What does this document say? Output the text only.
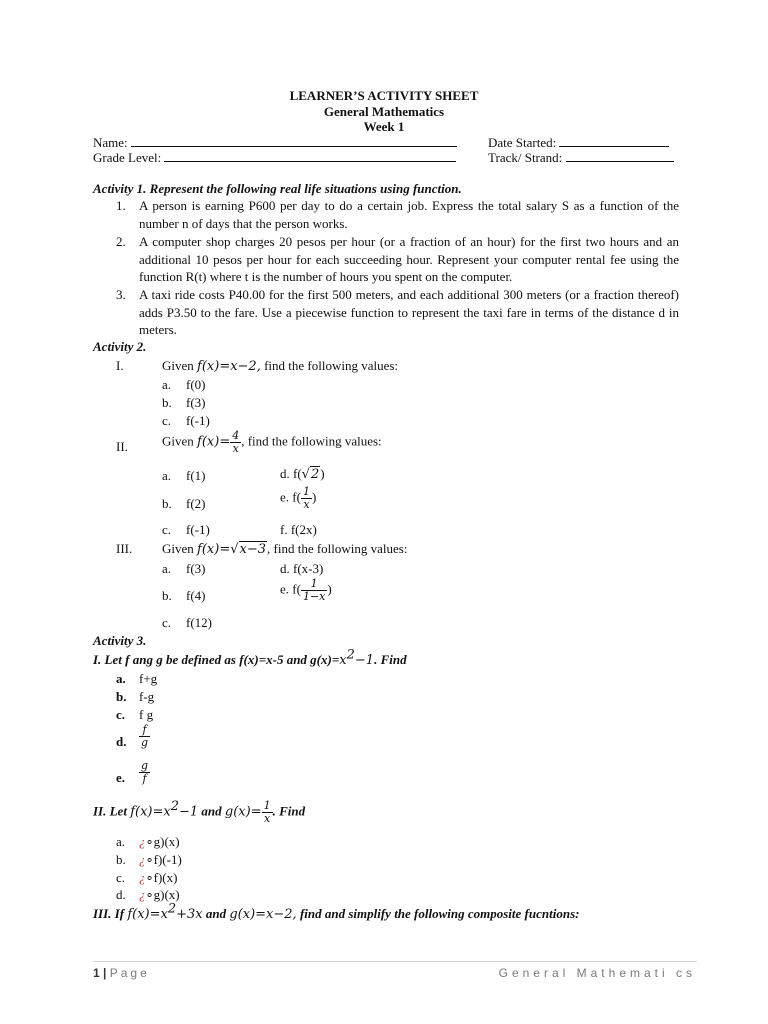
LEARNER’S ACTIVITY SHEET
General Mathematics
Week 1
Name:	Date Started:
Grade Level:	Track/ Strand:
Activity 1. Represent the following real life situations using function.
1. A person is earning P600 per day to do a certain job. Express the total salary S as a function of the number n of days that the person works.
2. A computer shop charges 20 pesos per hour (or a fraction of an hour) for the first two hours and an additional 10 pesos per hour for each succeeding hour. Represent your computer rental fee using the function R(t) where t is the number of hours you spent on the computer.
3. A taxi ride costs P40.00 for the first 500 meters, and each additional 300 meters (or a fraction thereof) adds P3.50 to the fare. Use a piecewise function to represent the taxi fare in terms of the distance d in meters.
Activity 2.
I.	Given f(x)=x−2, find the following values:
a. f(0)
b. f(3)
c. f(-1)
II.	Given $f(x)= \frac{4}{x}$ , find the following values:
a. f(1)
b. f(2)
c. f(-1)
d. f(√2)
e. $f( \frac{1}{x}$ )
f. f(2x)
III. Given f(x)=√x−3, find the following values:
a. f(3)
b. f(4)
c. f(12)
d. f(x-3)
e. $f( \frac{1}{1-x}$ )
Activity 3.
I. Let f ang g be defined as f(x)=x-5 and $g(x)=x^2-1$. Find
a. f+g
b. f-g
c. f g
d. $\frac{f}{g}$
e. $\frac{g}{f}$
II. Let $f(x)=x^2-1$ and $g(x)= \frac{1}{x}$ . Find
a. ¿∘g)(x)
b. ¿∘f)(-1)
c. ¿∘f)(x)
d. ¿∘g)(x)
III. If $f(x)=x^2+3x$ and g(x)=x−2, find and simplify the following composite fucntions:
1 | Page	General Mathemati cs
